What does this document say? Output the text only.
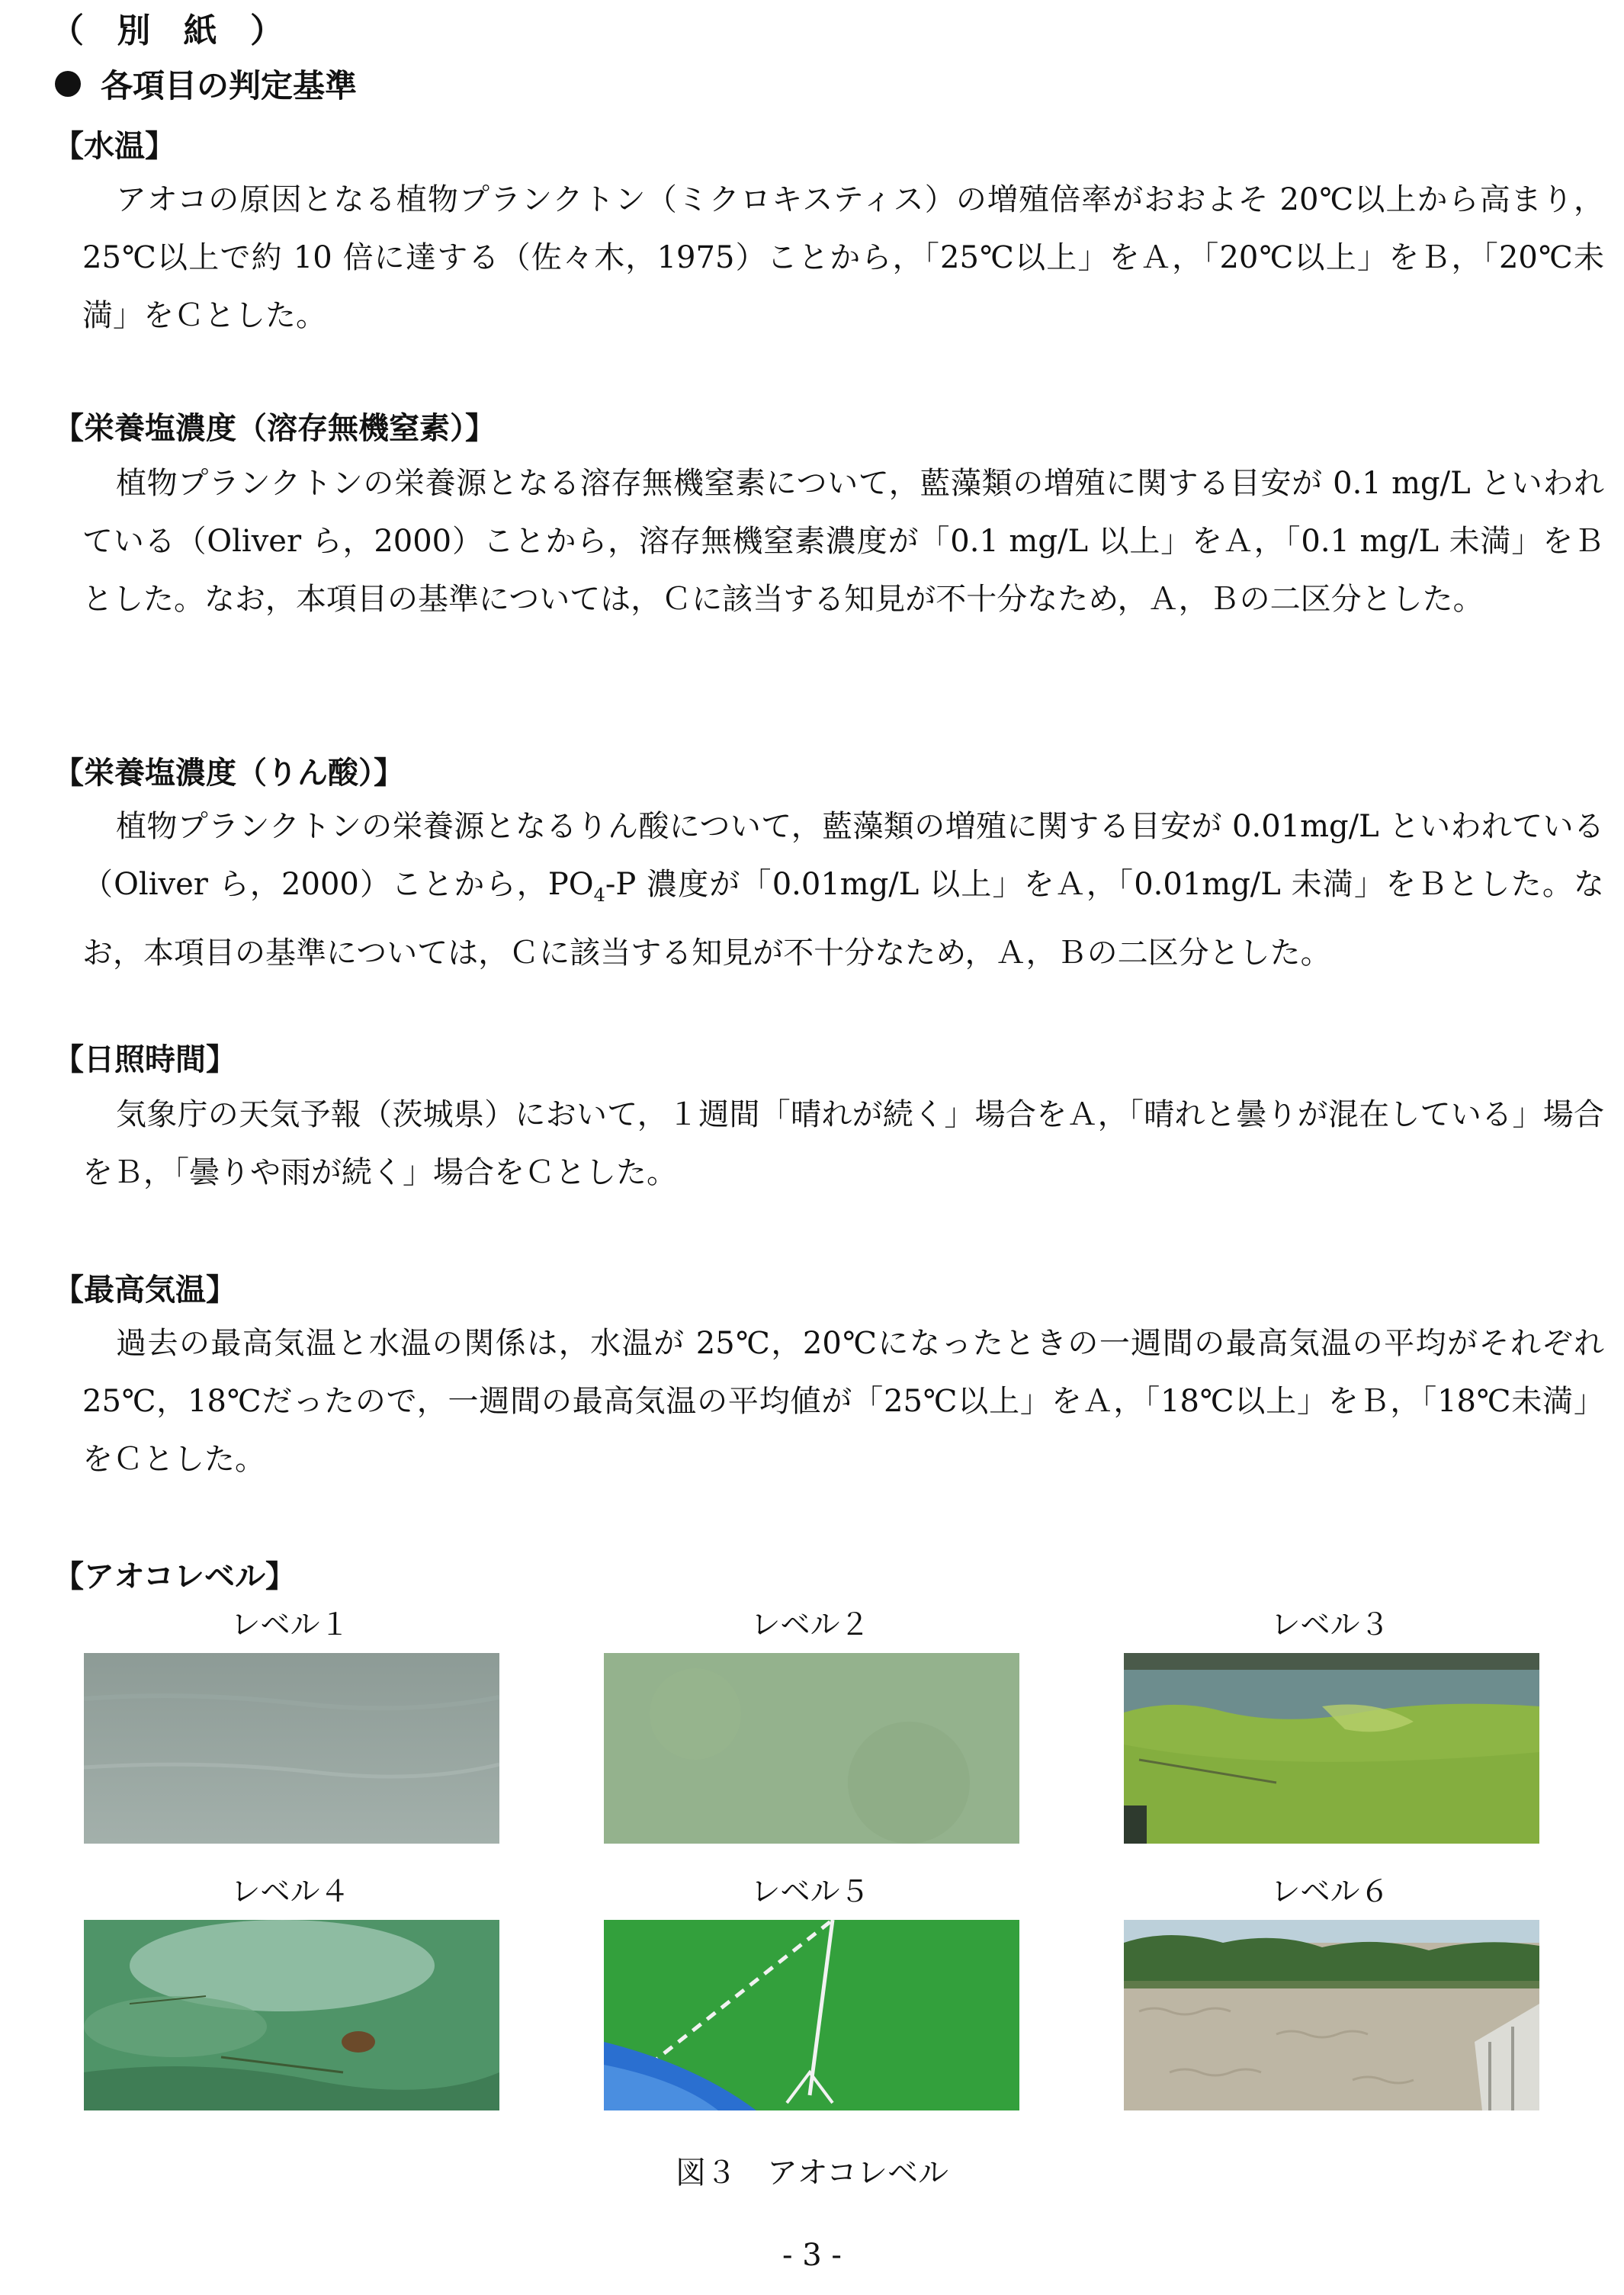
（ 別 紙 ）
各項目の判定基準
【水温】

アオコの原因となる植物プランクトン（ミクロキスティス）の増殖倍率がおおよそ 20℃以上から高まり，25℃以上で約 10 倍に達する（佐々木，1975）ことから，「25℃以上」をＡ，「20℃以上」をＢ，「20℃未満」をＣとした。

【栄養塩濃度（溶存無機窒素）】

植物プランクトンの栄養源となる溶存無機窒素について，藍藻類の増殖に関する目安が 0.1 mg/L といわれている（Oliver ら，2000）ことから，溶存無機窒素濃度が「0.1 mg/L 以上」をＡ，「0.1 mg/L 未満」をＢとした。なお，本項目の基準については，Ｃに該当する知見が不十分なため，Ａ，Ｂの二区分とした。

【栄養塩濃度（りん酸）】

植物プランクトンの栄養源となるりん酸について，藍藻類の増殖に関する目安が 0.01mg/L といわれている（Oliver ら，2000）ことから，$PO_4-P$ 濃度が「0.01mg/L 以上」をＡ，「0.01mg/L 未満」をＢとした。なお，本項目の基準については，Ｃに該当する知見が不十分なため，Ａ，Ｂの二区分とした。

【日照時間】

気象庁の天気予報（茨城県）において，１週間「晴れが続く」場合をＡ，「晴れと曇りが混在している」場合をＢ，「曇りや雨が続く」場合をＣとした。

【最高気温】

過去の最高気温と水温の関係は，水温が 25℃，20℃になったときの一週間の最高気温の平均がそれぞれ 25℃，18℃だったので，一週間の最高気温の平均値が「25℃以上」をＡ，「18℃以上」をＢ，「18℃未満」をＣとした。

【アオコレベル】
レベル１	レベル２	レベル３
レベル４	レベル５	レベル６
図３　アオコレベル
- 3 -
